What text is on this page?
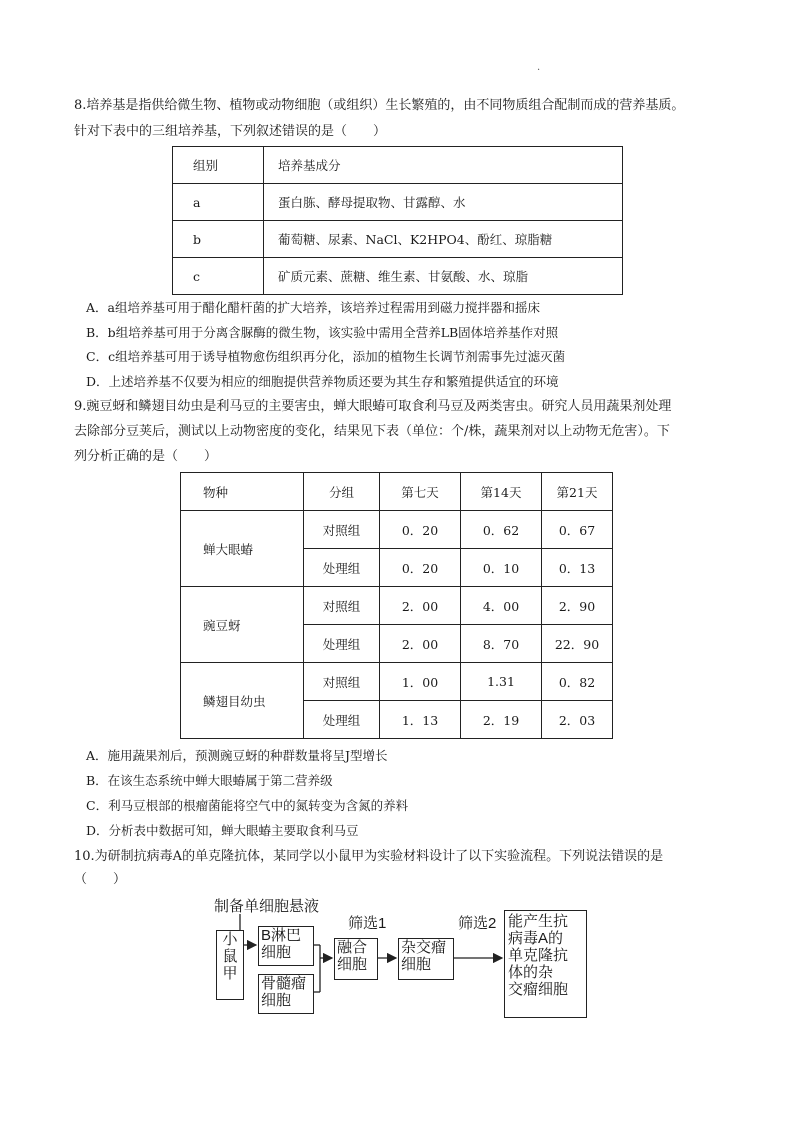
.
8.培养基是指供给微生物、植物或动物细胞（或组织）生长繁殖的，由不同物质组合配制而成的营养基质。
针对下表中的三组培养基，下列叙述错误的是（　　）
组别	培养基成分
a	蛋白胨、酵母提取物、甘露醇、水
b	葡萄糖、尿素、NaCl、K2HPO4、酚红、琼脂糖
c	矿质元素、蔗糖、维生素、甘氨酸、水、琼脂
A．a组培养基可用于醋化醋杆菌的扩大培养，该培养过程需用到磁力搅拌器和摇床
B．b组培养基可用于分离含脲酶的微生物，该实验中需用全营养LB固体培养基作对照
C．c组培养基可用于诱导植物愈伤组织再分化，添加的植物生长调节剂需事先过滤灭菌
D．上述培养基不仅要为相应的细胞提供营养物质还要为其生存和繁殖提供适宜的环境
9.豌豆蚜和鳞翅目幼虫是利马豆的主要害虫，蝉大眼蝽可取食利马豆及两类害虫。研究人员用蔬果剂处理
去除部分豆荚后，测试以上动物密度的变化，结果见下表（单位：个/株，蔬果剂对以上动物无危害）。下
列分析正确的是（　　）
物种	分组	第七天	第14天	第21天
蝉大眼蝽	对照组	0．20	0．62	0．67
	处理组	0．20	0．10	0．13
豌豆蚜	对照组	2．00	4．00	2．90
	处理组	2．00	8．70	22．90
鳞翅目幼虫	对照组	1．00	1.31	0．82
	处理组	1．13	2．19	2．03
A．施用蔬果剂后，预测豌豆蚜的种群数量将呈J型增长
B．在该生态系统中蝉大眼蝽属于第二营养级
C．利马豆根部的根瘤菌能将空气中的氮转变为含氮的养料
D．分析表中数据可知，蝉大眼蝽主要取食利马豆
10.为研制抗病毒A的单克隆抗体，某同学以小鼠甲为实验材料设计了以下实验流程。下列说法错误的是
（　　）
制备单细胞悬液
小
鼠
甲
B淋巴
细胞
骨髓瘤
细胞
融合
细胞
筛选1
杂交瘤
细胞
筛选2 能产生抗
病毒A的
单克隆抗
体的杂
交瘤细胞
